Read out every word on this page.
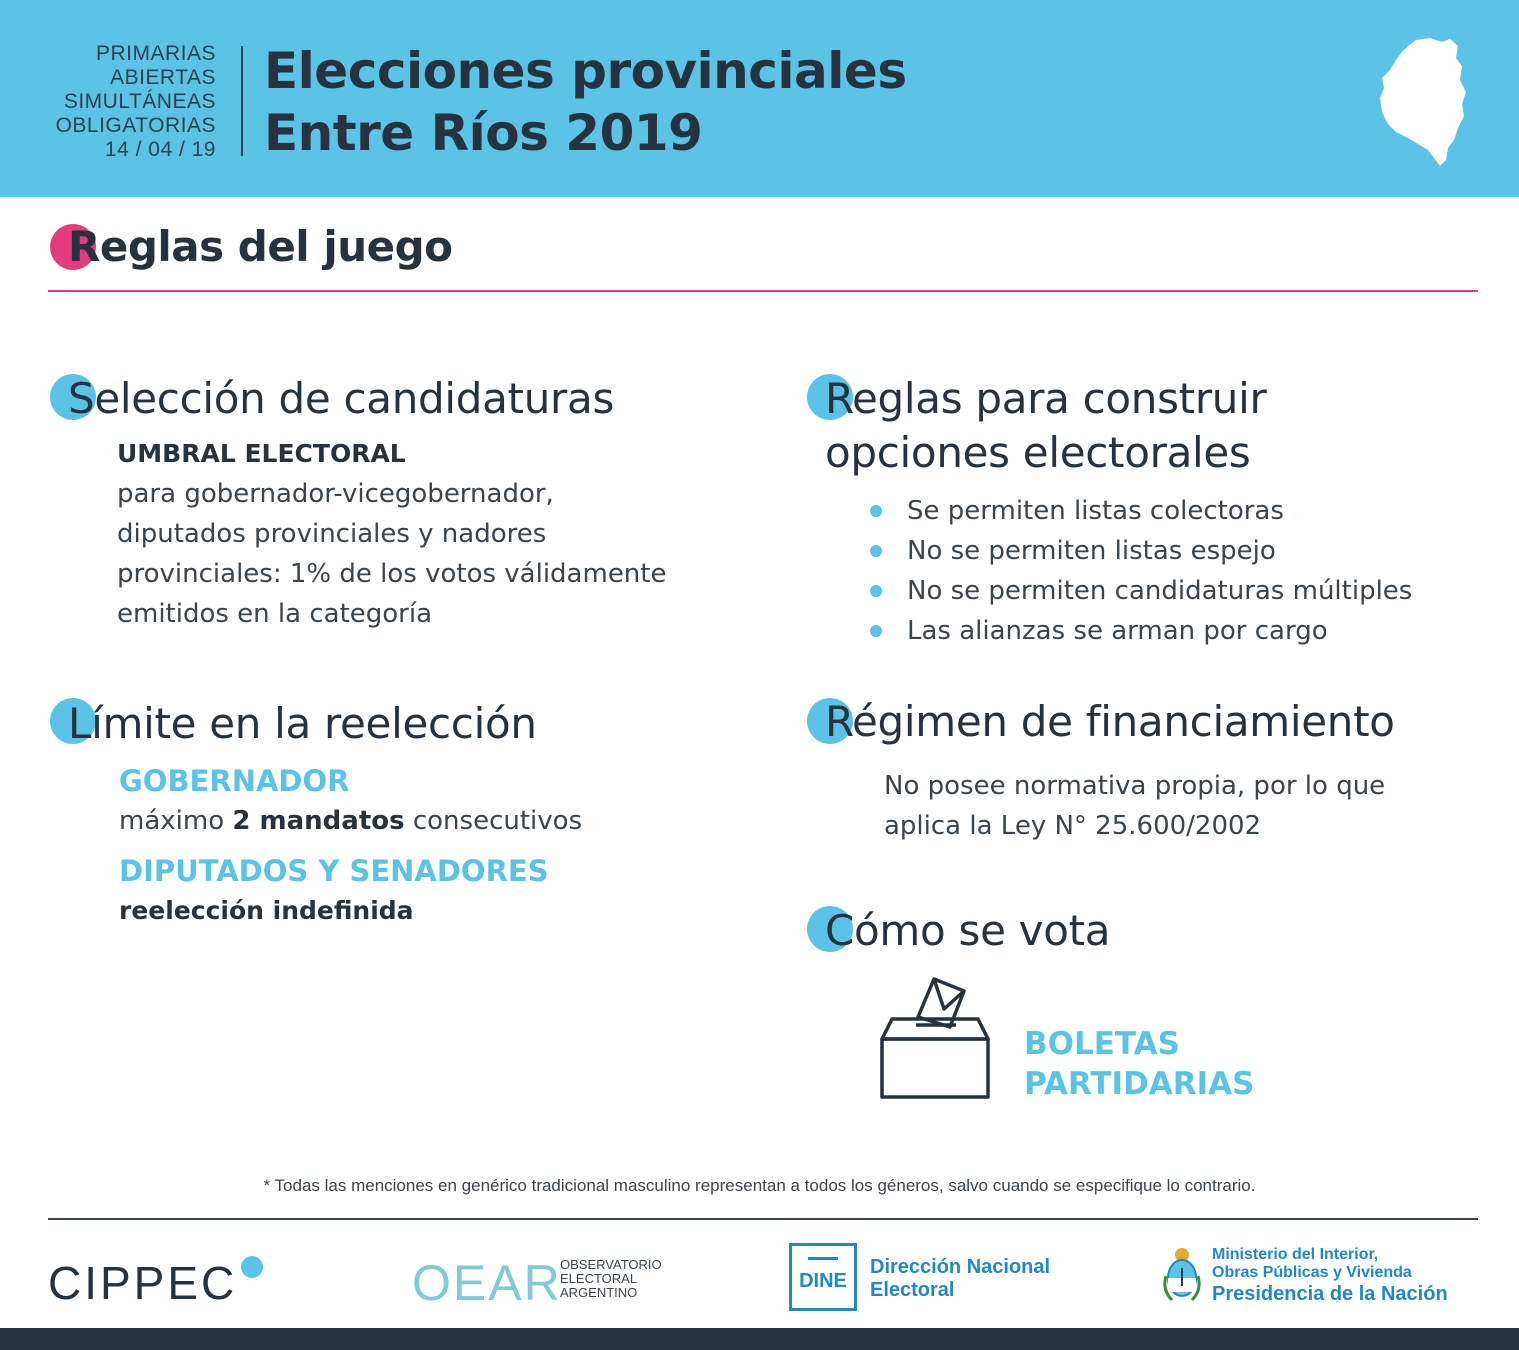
PRIMARIAS
ABIERTAS
SIMULTÁNEAS
OBLIGATORIAS
14 / 04 / 19
Elecciones provinciales
Entre Ríos 2019
Reglas del juego
Selección de candidaturas
UMBRAL ELECTORAL
para gobernador-vicegobernador,
diputados provinciales y nadores
provinciales: 1% de los votos válidamente
emitidos en la categoría
Límite en la reelección
GOBERNADOR
máximo 2 mandatos consecutivos
DIPUTADOS Y SENADORES
reelección indefinida
Reglas para construir
opciones electorales
Se permiten listas colectoras
No se permiten listas espejo
No se permiten candidaturas múltiples
Las alianzas se arman por cargo
Régimen de financiamiento
No posee normativa propia, por lo que
aplica la Ley N° 25.600/2002
Cómo se vota
BOLETAS
PARTIDARIAS
* Todas las menciones en genérico tradicional masculino representan a todos los géneros, salvo cuando se especifique lo contrario.
CIPPEC	OEAR
OBSERVATORIO
ELECTORAL
ARGENTINO
DINE
Dirección Nacional
Electoral
Ministerio del Interior,
Obras Públicas y Vivienda
Presidencia de la Nación
